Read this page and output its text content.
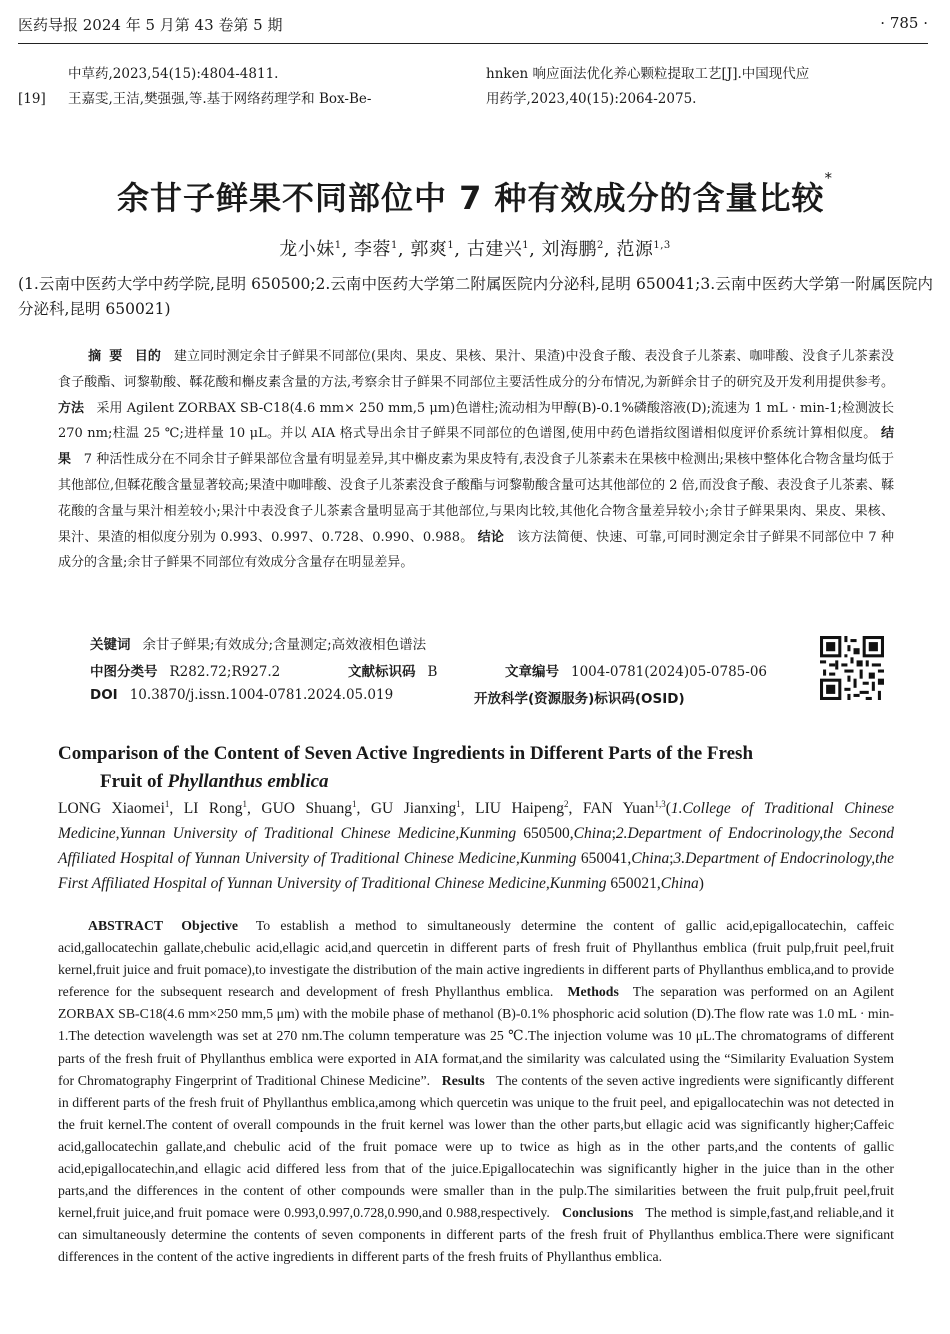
医药导报 2024 年 5 月第 43 卷第 5 期	· 785 ·
中草药,2023,54(15):4804-4811.
[19]	王嘉雯,王洁,樊强强,等.基于网络药理学和 Box-Be-
hnken 响应面法优化养心颗粒提取工艺[J].中国现代应
用药学,2023,40(15):2064-2075.
余甘子鲜果不同部位中 7 种有效成分的含量比较*
龙小妹$^1$, 李蓉$^1$, 郭爽$^1$, 古建兴$^1$, 刘海鹏$^2$, 范源$^{1,3}$
(1.云南中医药大学中药学院,昆明 650500;2.云南中医药大学第二附属医院内分泌科,昆明 650041;3.云南中医药大学第一附属医院内分泌科,昆明 650021)
摘要 目的 建立同时测定余甘子鲜果不同部位(果肉、果皮、果核、果汁、果渣)中没食子酸、表没食子儿茶素、咖啡酸、没食子儿茶素没食子酸酯、诃黎勒酸、鞣花酸和槲皮素含量的方法,考察余甘子鲜果不同部位主要活性成分的分布情况,为新鲜余甘子的研究及开发利用提供参考。 方法 采用 Agilent ZORBAX SB-C18(4.6 mm× 250 mm,5 μm)色谱柱;流动相为甲醇(B)-0.1%磷酸溶液(D);流速为 1 mL · min-1;检测波长 270 nm;柱温 25 ℃;进样量 10 μL。并以 AIA 格式导出余甘子鲜果不同部位的色谱图,使用中药色谱指纹图谱相似度评价系统计算相似度。 结果 7 种活性成分在不同余甘子鲜果部位含量有明显差异,其中槲皮素为果皮特有,表没食子儿茶素未在果核中检测出;果核中整体化合物含量均低于其他部位,但鞣花酸含量显著较高;果渣中咖啡酸、没食子儿茶素没食子酸酯与诃黎勒酸含量可达其他部位的 2 倍,而没食子酸、表没食子儿茶素、鞣花酸的含量与果汁相差较小;果汁中表没食子儿茶素含量明显高于其他部位,与果肉比较,其他化合物含量差异较小;余甘子鲜果果肉、果皮、果核、果汁、果渣的相似度分别为 0.993、0.997、0.728、0.990、0.988。 结论 该方法简便、快速、可靠,可同时测定余甘子鲜果不同部位中 7 种成分的含量;余甘子鲜果不同部位有效成分含量存在明显差异。
关键词 余甘子鲜果;有效成分;含量测定;高效液相色谱法
中图分类号 R282.72;R927.2	文献标识码 B	文章编号 1004-0781(2024)05-0785-06
DOI 10.3870/j.issn.1004-0781.2024.05.019	开放科学(资源服务)标识码(OSID)
Comparison of the Content of Seven Active Ingredients in Different Parts of the Fresh
Fruit of Phyllanthus emblica
LONG Xiaomei$^1$, LI Rong$^1$, GUO Shuang$^1$, GU Jianxing$^1$, LIU Haipeng$^2$, FAN Yuan$^{1,3}$(1.College of Traditional Chinese Medicine,Yunnan University of Traditional Chinese Medicine,Kunming 650500,China;2.Department of Endocrinology,the Second Affiliated Hospital of Yunnan University of Traditional Chinese Medicine,Kunming 650041,China;3.Department of Endocrinology,the First Affiliated Hospital of Yunnan University of Traditional Chinese Medicine,Kunming 650021,China)
ABSTRACT Objective To establish a method to simultaneously determine the content of gallic acid,epigallocatechin, caffeic acid,gallocatechin gallate,chebulic acid,ellagic acid,and quercetin in different parts of fresh fruit of Phyllanthus emblica (fruit pulp,fruit peel,fruit kernel,fruit juice and fruit pomace),to investigate the distribution of the main active ingredients in different parts of Phyllanthus emblica,and to provide reference for the subsequent research and development of fresh Phyllanthus emblica. Methods The separation was performed on an Agilent ZORBAX SB-C18(4.6 mm×250 mm,5 μm) with the mobile phase of methanol (B)-0.1% phosphoric acid solution (D).The flow rate was 1.0 mL · min-1.The detection wavelength was set at 270 nm.The column temperature was 25 ℃.The injection volume was 10 μL.The chromatograms of different parts of the fresh fruit of Phyllanthus emblica were exported in AIA format,and the similarity was calculated using the “Similarity Evaluation System for Chromatography Fingerprint of Traditional Chinese Medicine”. Results The contents of the seven active ingredients were significantly different in different parts of the fresh fruit of Phyllanthus emblica,among which quercetin was unique to the fruit peel, and epigallocatechin was not detected in the fruit kernel.The content of overall compounds in the fruit kernel was lower than the other parts,but ellagic acid was significantly higher;Caffeic acid,gallocatechin gallate,and chebulic acid of the fruit pomace were up to twice as high as in the other parts,and the contents of gallic acid,epigallocatechin,and ellagic acid differed less from that of the juice.Epigallocatechin was significantly higher in the juice than in the other parts,and the differences in the content of other compounds were smaller than in the pulp.The similarities between the fruit pulp,fruit peel,fruit kernel,fruit juice,and fruit pomace were 0.993,0.997,0.728,0.990,and 0.988,respectively. Conclusions The method is simple,fast,and reliable,and it can simultaneously determine the contents of seven components in different parts of the fresh fruit of Phyllanthus emblica.There were significant differences in the content of the active ingredients in different parts of the fresh fruits of Phyllanthus emblica.
